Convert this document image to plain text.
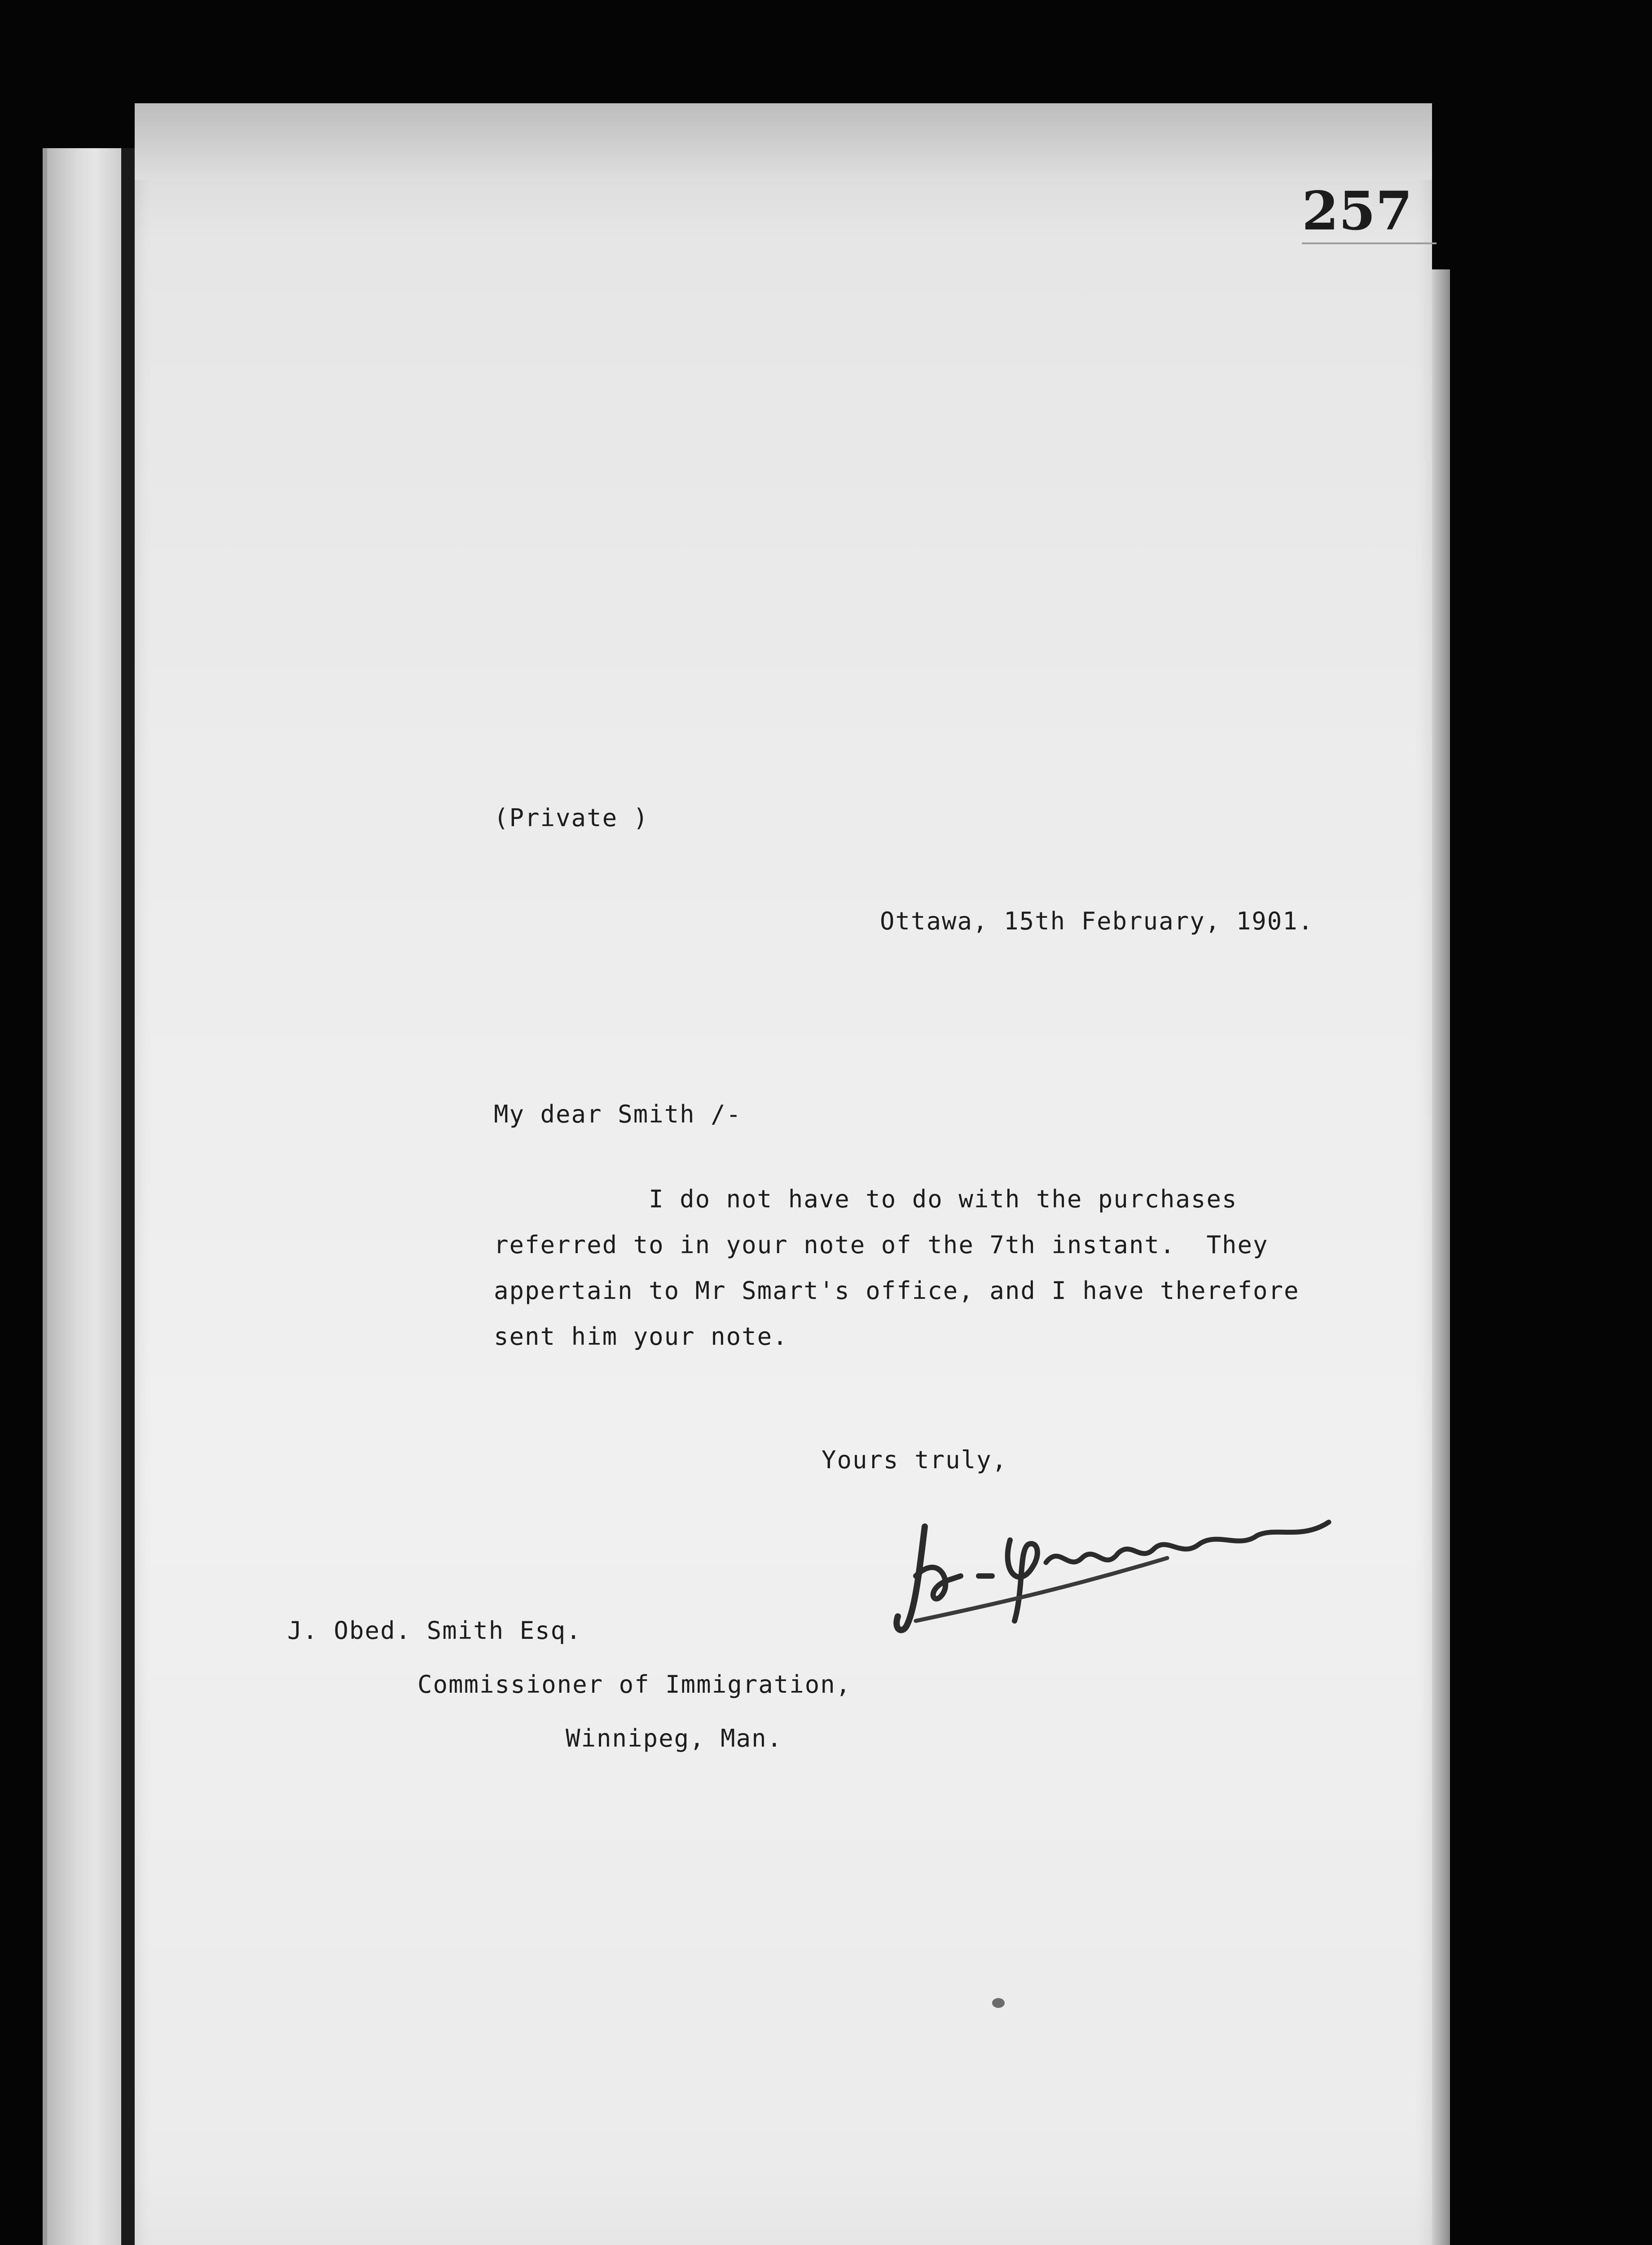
257
(Private )
Ottawa, 15th February, 1901.
My dear Smith /-
I do not have to do with the purchases
referred to in your note of the 7th instant.  They
appertain to Mr Smart's office, and I have therefore
sent him your note.
Yours truly,
J. Obed. Smith Esq.
Commissioner of Immigration,
Winnipeg, Man.
